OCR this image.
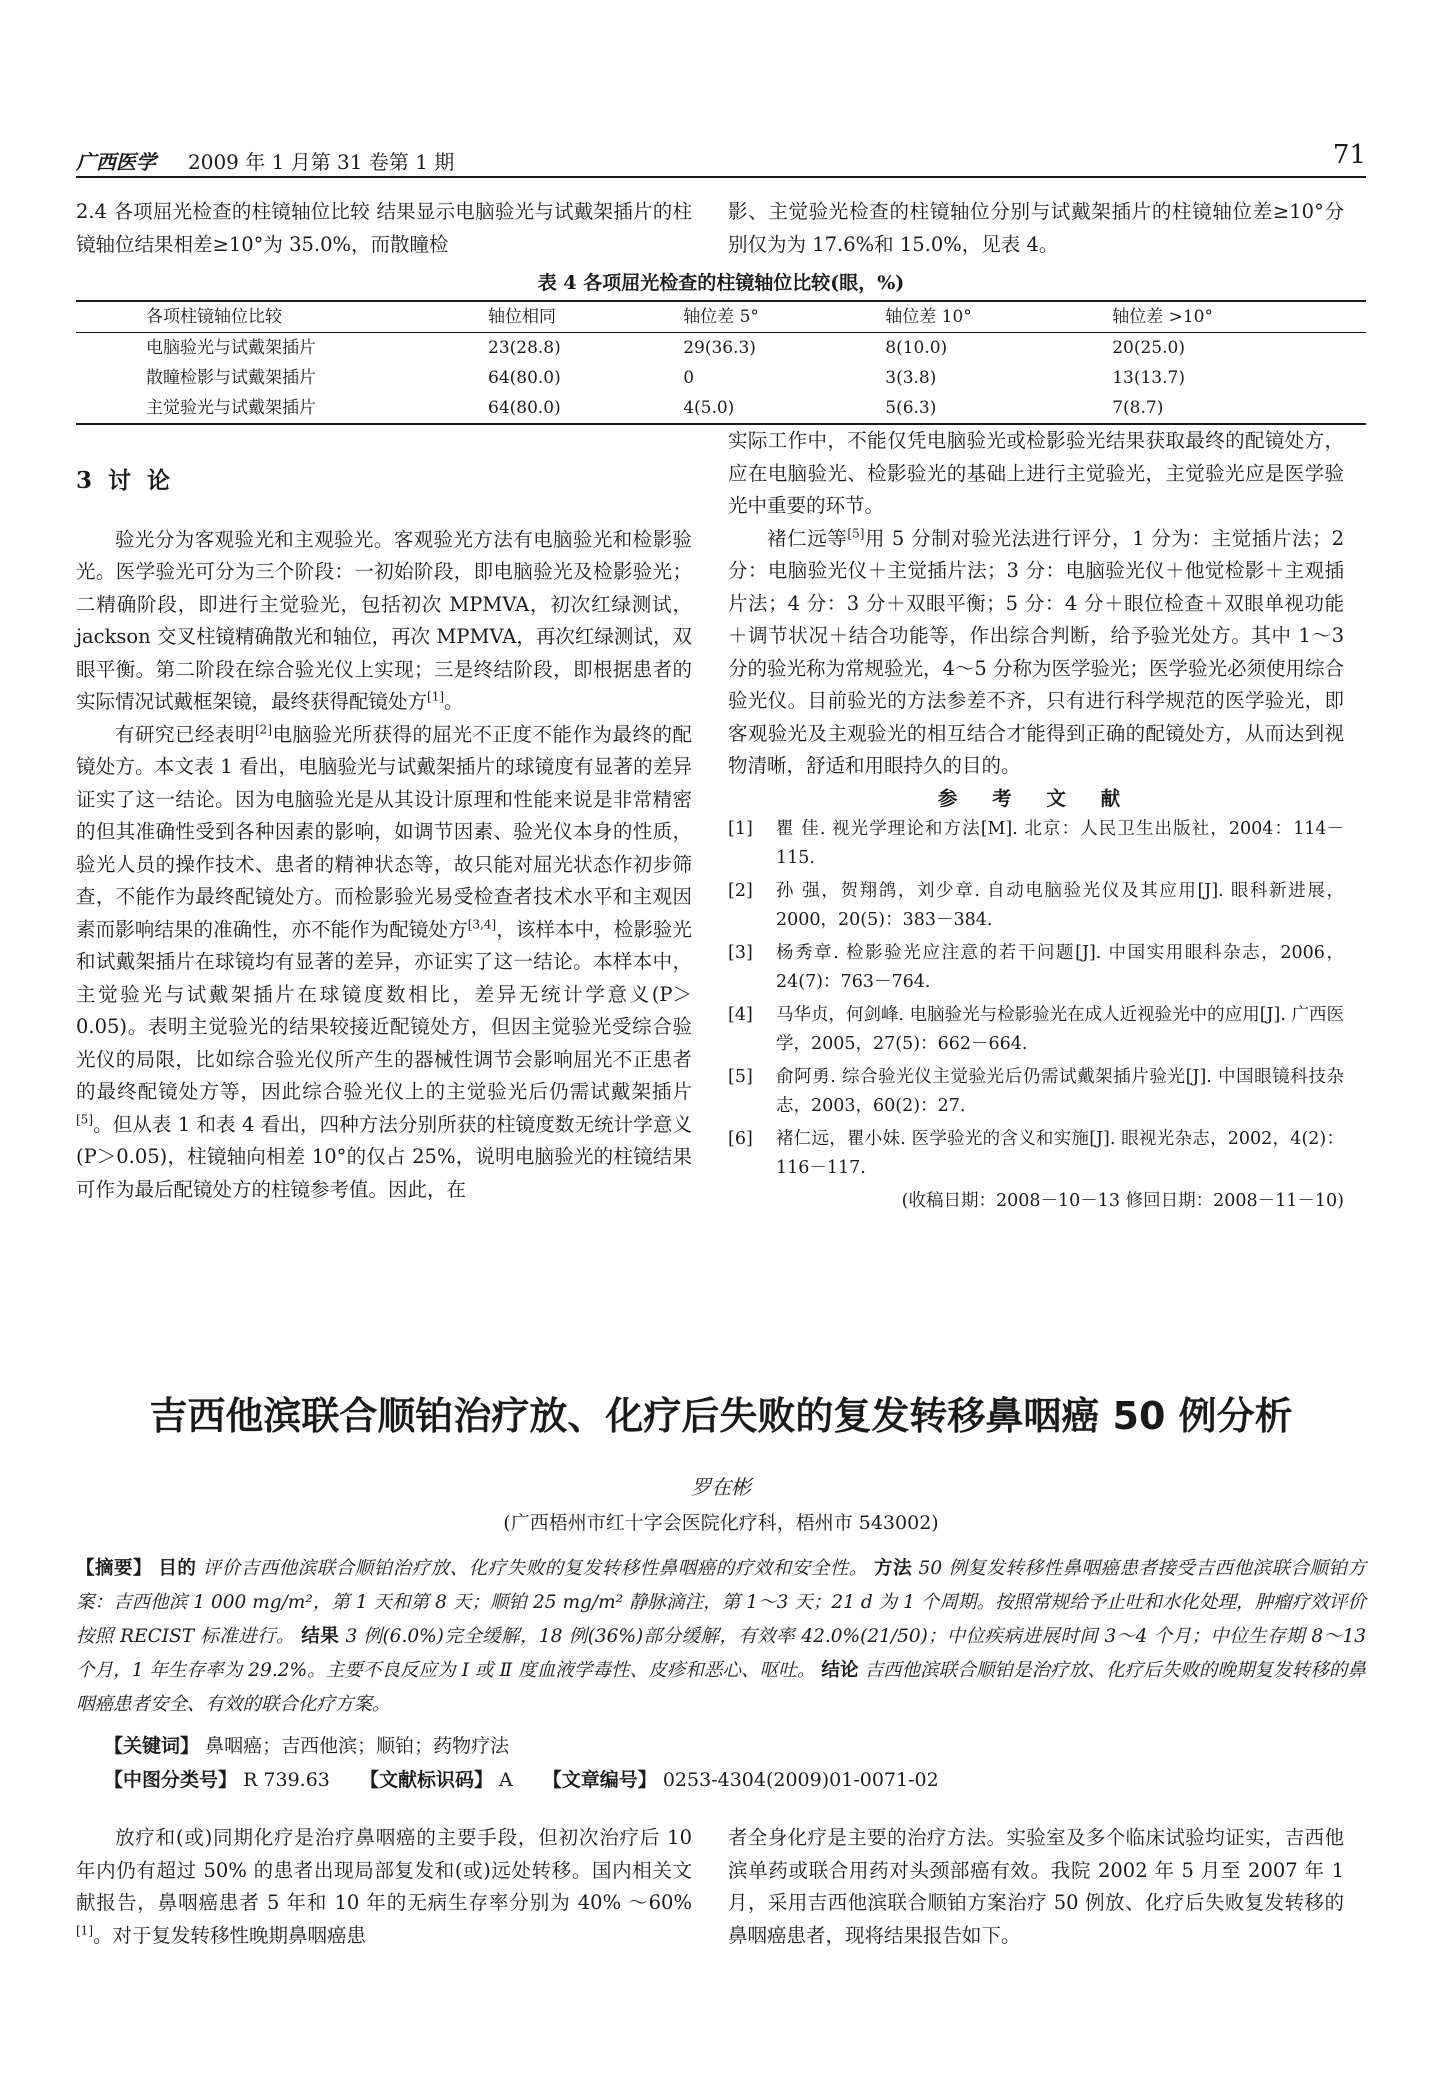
广西医学 2009 年 1 月第 31 卷第 1 期	71

2.4 各项屈光检查的柱镜轴位比较 结果显示电脑验光与试戴架插片的柱镜轴位结果相差≥10°为 35.0%，而散瞳检

影、主觉验光检查的柱镜轴位分别与试戴架插片的柱镜轴位差≥10°分别仅为为 17.6%和 15.0%，见表 4。

表 4 各项屈光检查的柱镜轴位比较(眼，%)
各项柱镜轴位比较	轴位相同	轴位差 5°	轴位差 10°	轴位差 >10°
电脑验光与试戴架插片	23(28.8)	29(36.3)	8(10.0)	20(25.0)
散瞳检影与试戴架插片	64(80.0)	0	3(3.8)	13(13.7)
主觉验光与试戴架插片	64(80.0)	4(5.0)	5(6.3)	7(8.7)

3 讨 论

验光分为客观验光和主观验光。客观验光方法有电脑验光和检影验光。医学验光可分为三个阶段：一初始阶段，即电脑验光及检影验光；二精确阶段，即进行主觉验光，包括初次 MPMVA，初次红绿测试，jackson 交叉柱镜精确散光和轴位，再次 MPMVA，再次红绿测试，双眼平衡。第二阶段在综合验光仪上实现；三是终结阶段，即根据患者的实际情况试戴框架镜，最终获得配镜处方[1]。

有研究已经表明[2]电脑验光所获得的屈光不正度不能作为最终的配镜处方。本文表 1 看出，电脑验光与试戴架插片的球镜度有显著的差异证实了这一结论。因为电脑验光是从其设计原理和性能来说是非常精密的但其准确性受到各种因素的影响，如调节因素、验光仪本身的性质，验光人员的操作技术、患者的精神状态等，故只能对屈光状态作初步筛查，不能作为最终配镜处方。而检影验光易受检查者技术水平和主观因素而影响结果的准确性，亦不能作为配镜处方[3,4]，该样本中，检影验光和试戴架插片在球镜均有显著的差异，亦证实了这一结论。本样本中，主觉验光与试戴架插片在球镜度数相比，差异无统计学意义(P＞0.05)。表明主觉验光的结果较接近配镜处方，但因主觉验光受综合验光仪的局限，比如综合验光仪所产生的器械性调节会影响屈光不正患者的最终配镜处方等，因此综合验光仪上的主觉验光后仍需试戴架插片[5]。但从表 1 和表 4 看出，四种方法分别所获的柱镜度数无统计学意义(P＞0.05)，柱镜轴向相差 10°的仅占 25%，说明电脑验光的柱镜结果可作为最后配镜处方的柱镜参考值。因此，在

实际工作中，不能仅凭电脑验光或检影验光结果获取最终的配镜处方，应在电脑验光、检影验光的基础上进行主觉验光，主觉验光应是医学验光中重要的环节。

褚仁远等[5]用 5 分制对验光法进行评分，1 分为：主觉插片法；2 分：电脑验光仪＋主觉插片法；3 分：电脑验光仪＋他觉检影＋主观插片法；4 分：3 分＋双眼平衡；5 分：4 分＋眼位检查＋双眼单视功能＋调节状况＋结合功能等，作出综合判断，给予验光处方。其中 1～3 分的验光称为常规验光，4～5 分称为医学验光；医学验光必须使用综合验光仪。目前验光的方法参差不齐，只有进行科学规范的医学验光，即客观验光及主观验光的相互结合才能得到正确的配镜处方，从而达到视物清晰，舒适和用眼持久的目的。

参 考 文 献

[1] 瞿 佳. 视光学理论和方法[M]. 北京：人民卫生出版社，2004：114－115.
[2] 孙 强，贺翔鸽，刘少章. 自动电脑验光仪及其应用[J]. 眼科新进展，2000，20(5)：383－384.
[3] 杨秀章. 检影验光应注意的若干问题[J]. 中国实用眼科杂志，2006，24(7)：763－764.
[4] 马华贞，何剑峰. 电脑验光与检影验光在成人近视验光中的应用[J]. 广西医学，2005，27(5)：662－664.
[5] 俞阿勇. 综合验光仪主觉验光后仍需试戴架插片验光[J]. 中国眼镜科技杂志，2003，60(2)：27.
[6] 褚仁远，瞿小妹. 医学验光的含义和实施[J]. 眼视光杂志，2002，4(2)：116－117.

(收稿日期：2008－10－13 修回日期：2008－11－10)

吉西他滨联合顺铂治疗放、化疗后失败的复发转移鼻咽癌 50 例分析
罗在彬
(广西梧州市红十字会医院化疗科，梧州市 543002)
【摘要】 目的 评价吉西他滨联合顺铂治疗放、化疗失败的复发转移性鼻咽癌的疗效和安全性。 方法 50 例复发转移性鼻咽癌患者接受吉西他滨联合顺铂方案：吉西他滨 1 000 mg/m²，第 1 天和第 8 天；顺铂 25 mg/m² 静脉滴注，第 1～3 天；21 d 为 1 个周期。按照常规给予止吐和水化处理，肿瘤疗效评价按照 RECIST 标准进行。 结果 3 例(6.0%)完全缓解，18 例(36%)部分缓解，有效率 42.0%(21/50)；中位疾病进展时间 3～4 个月；中位生存期 8～13 个月，1 年生存率为 29.2%。主要不良反应为 Ⅰ 或 Ⅱ 度血液学毒性、皮疹和恶心、呕吐。 结论 吉西他滨联合顺铂是治疗放、化疗后失败的晚期复发转移的鼻咽癌患者安全、有效的联合化疗方案。
【关键词】 鼻咽癌；吉西他滨；顺铂；药物疗法
【中图分类号】 R 739.63 【文献标识码】 A 【文章编号】 0253-4304(2009)01-0071-02

放疗和(或)同期化疗是治疗鼻咽癌的主要手段，但初次治疗后 10 年内仍有超过 50% 的患者出现局部复发和(或)远处转移。国内相关文献报告，鼻咽癌患者 5 年和 10 年的无病生存率分别为 40% ～60%[1]。对于复发转移性晚期鼻咽癌患

者全身化疗是主要的治疗方法。实验室及多个临床试验均证实，吉西他滨单药或联合用药对头颈部癌有效。我院 2002 年 5 月至 2007 年 1 月，采用吉西他滨联合顺铂方案治疗 50 例放、化疗后失败复发转移的鼻咽癌患者，现将结果报告如下。
